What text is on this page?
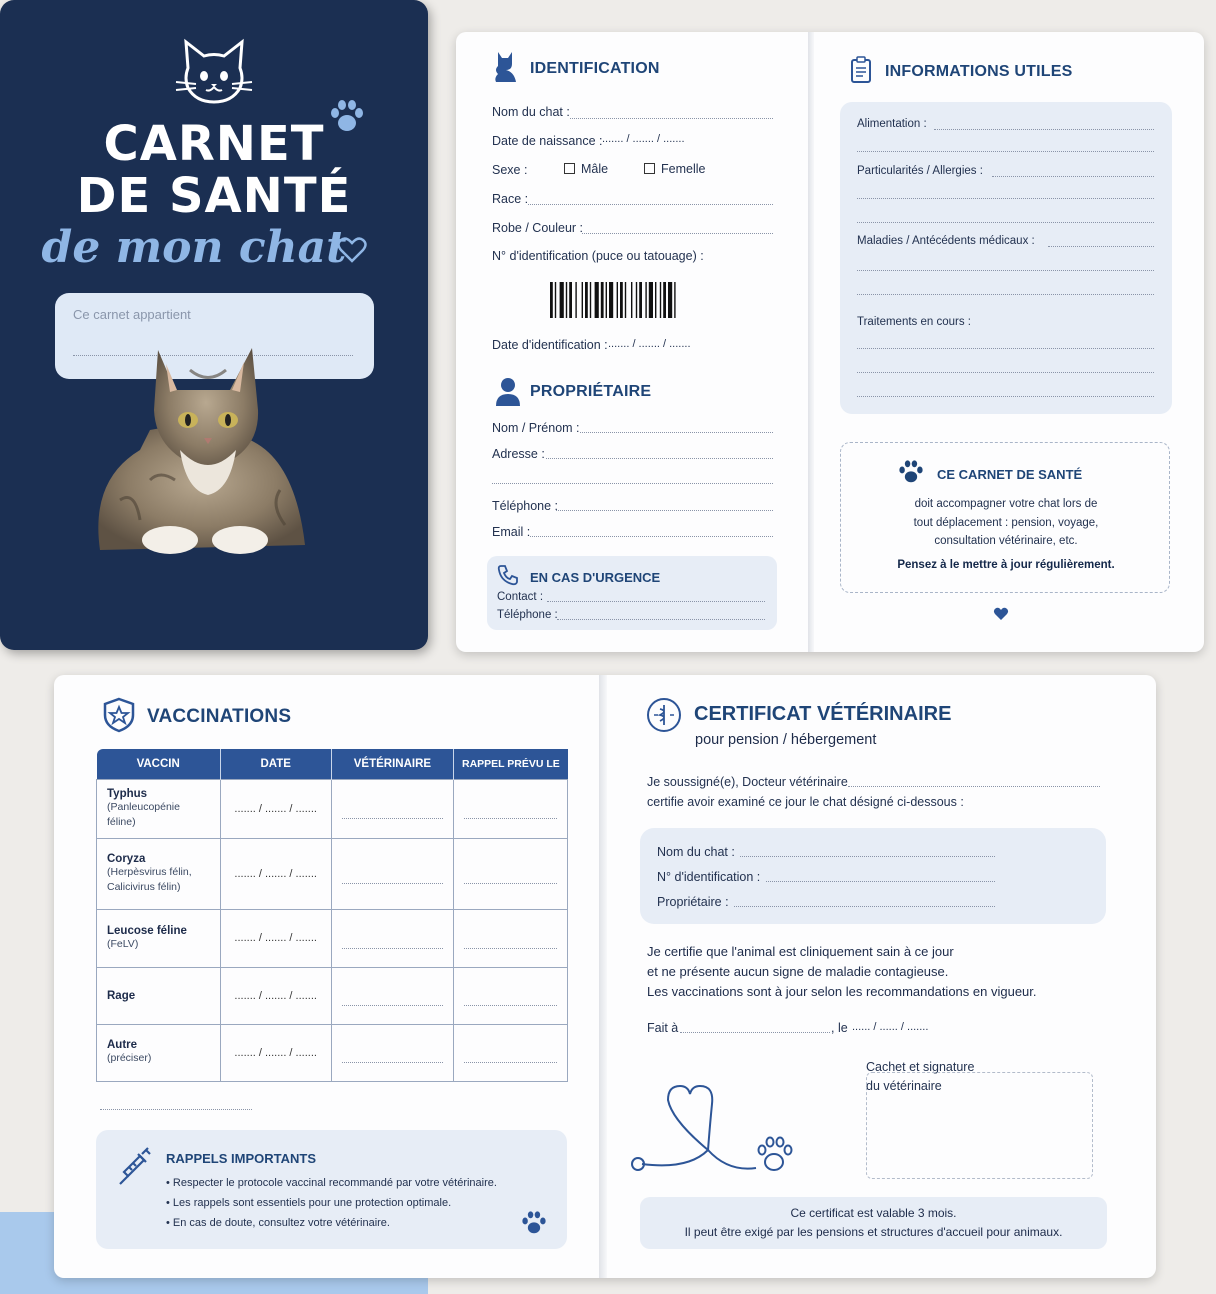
CARNET
DE SANTÉ
de mon chat
Ce carnet appartient
IDENTIFICATION
Nom du chat :
Date de naissance : ....... / ....... / .......
Sexe :	Mâle	Femelle
Race :
Robe / Couleur :
N° d'identification (puce ou tatouage) :
Date d'identification : ....... / ....... / .......
PROPRIÉTAIRE
Nom / Prénom :
Adresse :
Téléphone :
Email :
EN CAS D'URGENCE
Contact :
Téléphone :
INFORMATIONS UTILES
Alimentation :
Particularités / Allergies :
Maladies / Antécédents médicaux :
Traitements en cours :
CE CARNET DE SANTÉ
doit accompagner votre chat lors de
tout déplacement : pension, voyage,
consultation vétérinaire, etc.
Pensez à le mettre à jour régulièrement.
VACCINATIONS
VACCIN	DATE	VÉTÉRINAIRE	RAPPEL PRÉVU LE

Typhus
(Panleucopénie féline)	....... / ....... / .......	

Coryza
(Herpèsvirus félin, Calicivirus félin)	....... / ....... / .......	

Leucose féline
(FeLV)	....... / ....... / .......	

Rage	....... / ....... / .......	

Autre
(préciser)	....... / ....... / .......	

RAPPELS IMPORTANTS
• Respecter le protocole vaccinal recommandé par votre vétérinaire.
• Les rappels sont essentiels pour une protection optimale.
• En cas de doute, consultez votre vétérinaire.
CERTIFICAT VÉTÉRINAIRE
pour pension / hébergement
Je soussigné(e), Docteur vétérinaire
certifie avoir examiné ce jour le chat désigné ci-dessous :
Nom du chat :
N° d'identification :
Propriétaire :
Je certifie que l'animal est cliniquement sain à ce jour
et ne présente aucun signe de maladie contagieuse.
Les vaccinations sont à jour selon les recommandations en vigueur.
Fait à	, le ...... / ...... / .......
Cachet et signature
du vétérinaire
Ce certificat est valable 3 mois.
Il peut être exigé par les pensions et structures d'accueil pour animaux.
